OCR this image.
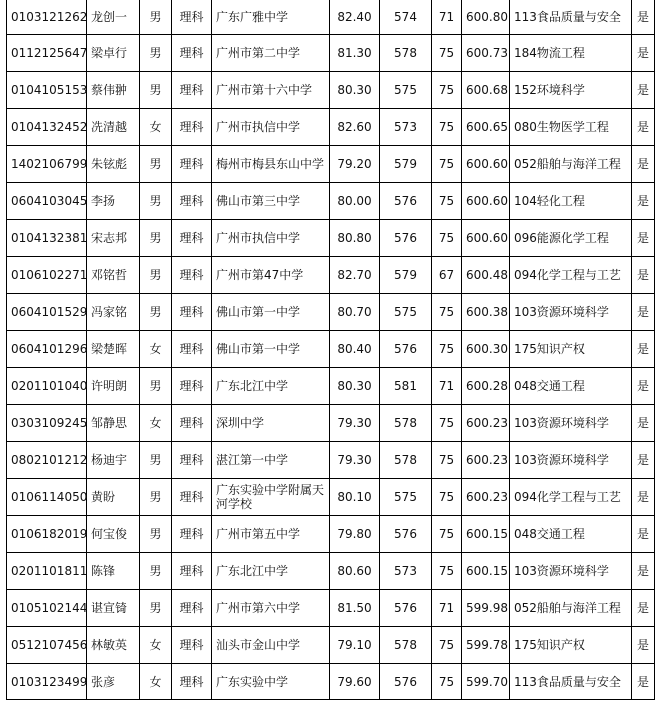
0103121262	龙创一	男	理科	广东广雅中学	82.40	574	71	600.80	113食品质量与安全	是
0112125647	梁卓行	男	理科	广州市第二中学	81.30	578	75	600.73	184物流工程	是
0104105153	蔡伟翀	男	理科	广州市第十六中学	80.30	575	75	600.68	152环境科学	是
0104132452	冼清越	女	理科	广州市执信中学	82.60	573	75	600.65	080生物医学工程	是
1402106799	朱铉彪	男	理科	梅州市梅县东山中学	79.20	579	75	600.60	052船舶与海洋工程	是
0604103045	李扬	男	理科	佛山市第三中学	80.00	576	75	600.60	104轻化工程	是
0104132381	宋志邦	男	理科	广州市执信中学	80.80	576	75	600.60	096能源化学工程	是
0106102271	邓铭哲	男	理科	广州市第47中学	82.70	579	67	600.48	094化学工程与工艺	是
0604101529	冯家铭	男	理科	佛山市第一中学	80.70	575	75	600.38	103资源环境科学	是
0604101296	梁楚晖	女	理科	佛山市第一中学	80.40	576	75	600.30	175知识产权	是
0201101040	许明朗	男	理科	广东北江中学	80.30	581	71	600.28	048交通工程	是
0303109245	邹静思	女	理科	深圳中学	79.30	578	75	600.23	103资源环境科学	是
0802101212	杨迪宇	男	理科	湛江第一中学	79.30	578	75	600.23	103资源环境科学	是
0106114050	黄盼	男	理科	广东实验中学附属天河学校	80.10	575	75	600.23	094化学工程与工艺	是
0106182019	何宝俊	男	理科	广州市第五中学	79.80	576	75	600.15	048交通工程	是
0201101811	陈锋	男	理科	广东北江中学	80.60	573	75	600.15	103资源环境科学	是
0105102144	谌宣锜	男	理科	广州市第六中学	81.50	576	71	599.98	052船舶与海洋工程	是
0512107456	林敏英	女	理科	汕头市金山中学	79.10	578	75	599.78	175知识产权	是
0103123499	张彦	女	理科	广东实验中学	79.60	576	75	599.70	113食品质量与安全	是
